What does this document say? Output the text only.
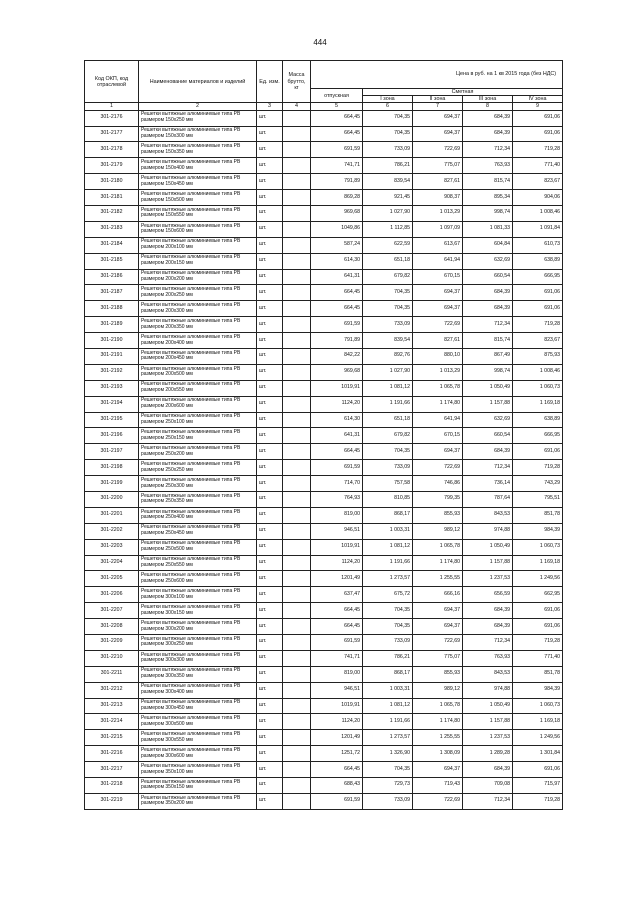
444
Код ОКП, код отраслевой	Наименование материалов и изделий	Ед. изм.	Масса брутто, кг	Цена в руб. на 1 кв 2015 года (без НДС)				
				отпускная	Сметная			
					I зона	II зона	III зона	IV зона
1	2	3	4	5	6	7	8	9
301-2176	Решетки вытяжные алюминиевые типа РВ размером 150х250 мм	шт.		664,45	704,35	694,37	684,39	691,06
301-2177	Решетки вытяжные алюминиевые типа РВ размером 150х300 мм	шт.		664,45	704,35	694,37	684,39	691,06
301-2178	Решетки вытяжные алюминиевые типа РВ размером 150х350 мм	шт.		691,59	733,09	722,69	712,34	719,28
301-2179	Решетки вытяжные алюминиевые типа РВ размером 150х400 мм	шт.		741,71	786,21	775,07	763,93	771,40
301-2180	Решетки вытяжные алюминиевые типа РВ размером 150х450 мм	шт.		791,89	839,54	827,61	815,74	823,67
301-2181	Решетки вытяжные алюминиевые типа РВ размером 150х500 мм	шт.		869,28	921,45	908,37	895,34	904,06
301-2182	Решетки вытяжные алюминиевые типа РВ размером 150х550 мм	шт.		969,68	1 027,90	1 013,29	998,74	1 008,46
301-2183	Решетки вытяжные алюминиевые типа РВ размером 150х600 мм	шт.		1049,86	1 112,85	1 097,09	1 081,33	1 091,84
301-2184	Решетки вытяжные алюминиевые типа РВ размером 200х100 мм	шт.		587,24	622,59	613,67	604,84	610,73
301-2185	Решетки вытяжные алюминиевые типа РВ размером 200х150 мм	шт.		614,30	651,18	641,94	632,69	638,89
301-2186	Решетки вытяжные алюминиевые типа РВ размером 200х200 мм	шт.		641,31	679,82	670,15	660,54	666,95
301-2187	Решетки вытяжные алюминиевые типа РВ размером 200х250 мм	шт.		664,45	704,35	694,37	684,39	691,06
301-2188	Решетки вытяжные алюминиевые типа РВ размером 200х300 мм	шт.		664,45	704,35	694,37	684,39	691,06
301-2189	Решетки вытяжные алюминиевые типа РВ размером 200х350 мм	шт.		691,59	733,09	722,69	712,34	719,28
301-2190	Решетки вытяжные алюминиевые типа РВ размером 200х400 мм	шт.		791,89	839,54	827,61	815,74	823,67
301-2191	Решетки вытяжные алюминиевые типа РВ размером 200х450 мм	шт.		842,22	892,76	880,10	867,49	875,93
301-2192	Решетки вытяжные алюминиевые типа РВ размером 200х500 мм	шт.		969,68	1 027,90	1 013,29	998,74	1 008,46
301-2193	Решетки вытяжные алюминиевые типа РВ размером 200х550 мм	шт.		1019,91	1 081,12	1 065,78	1 050,49	1 060,73
301-2194	Решетки вытяжные алюминиевые типа РВ размером 200х600 мм	шт.		1124,20	1 191,66	1 174,80	1 157,88	1 169,18
301-2195	Решетки вытяжные алюминиевые типа РВ размером 250х100 мм	шт.		614,30	651,18	641,94	632,69	638,89
301-2196	Решетки вытяжные алюминиевые типа РВ размером 250х150 мм	шт.		641,31	679,82	670,15	660,54	666,95
301-2197	Решетки вытяжные алюминиевые типа РВ размером 250х200 мм	шт.		664,45	704,35	694,37	684,39	691,06
301-2198	Решетки вытяжные алюминиевые типа РВ размером 250х250 мм	шт.		691,59	733,09	722,69	712,34	719,28
301-2199	Решетки вытяжные алюминиевые типа РВ размером 250х300 мм	шт.		714,70	757,58	746,86	736,14	743,29
301-2200	Решетки вытяжные алюминиевые типа РВ размером 250х350 мм	шт.		764,93	810,85	799,35	787,64	795,51
301-2201	Решетки вытяжные алюминиевые типа РВ размером 250х400 мм	шт.		819,00	868,17	855,93	843,53	851,78
301-2202	Решетки вытяжные алюминиевые типа РВ размером 250х450 мм	шт.		946,51	1 003,31	989,12	974,88	984,39
301-2203	Решетки вытяжные алюминиевые типа РВ размером 250х500 мм	шт.		1019,91	1 081,12	1 065,78	1 050,49	1 060,73
301-2204	Решетки вытяжные алюминиевые типа РВ размером 250х550 мм	шт.		1124,20	1 191,66	1 174,80	1 157,88	1 169,18
301-2205	Решетки вытяжные алюминиевые типа РВ размером 250х600 мм	шт.		1201,49	1 273,57	1 255,55	1 237,53	1 249,56
301-2206	Решетки вытяжные алюминиевые типа РВ размером 300х100 мм	шт.		637,47	675,72	666,16	656,59	662,95
301-2207	Решетки вытяжные алюминиевые типа РВ размером 300х150 мм	шт.		664,45	704,35	694,37	684,39	691,06
301-2208	Решетки вытяжные алюминиевые типа РВ размером 300х200 мм	шт.		664,45	704,35	694,37	684,39	691,06
301-2209	Решетки вытяжные алюминиевые типа РВ размером 300х250 мм	шт.		691,59	733,09	722,69	712,34	719,28
301-2210	Решетки вытяжные алюминиевые типа РВ размером 300х300 мм	шт.		741,71	786,21	775,07	763,93	771,40
301-2211	Решетки вытяжные алюминиевые типа РВ размером 300х350 мм	шт.		819,00	868,17	855,93	843,53	851,78
301-2212	Решетки вытяжные алюминиевые типа РВ размером 300х400 мм	шт.		946,51	1 003,31	989,12	974,88	984,39
301-2213	Решетки вытяжные алюминиевые типа РВ размером 300х450 мм	шт.		1019,91	1 081,12	1 065,78	1 050,49	1 060,73
301-2214	Решетки вытяжные алюминиевые типа РВ размером 300х500 мм	шт.		1124,20	1 191,66	1 174,80	1 157,88	1 169,18
301-2215	Решетки вытяжные алюминиевые типа РВ размером 300х550 мм	шт.		1201,49	1 273,57	1 255,55	1 237,53	1 249,56
301-2216	Решетки вытяжные алюминиевые типа РВ размером 300х600 мм	шт.		1251,72	1 326,90	1 308,09	1 289,28	1 301,84
301-2217	Решетки вытяжные алюминиевые типа РВ размером 350х100 мм	шт.		664,45	704,35	694,37	684,39	691,06
301-2218	Решетки вытяжные алюминиевые типа РВ размером 350х150 мм	шт.		688,43	729,73	719,43	709,08	715,97
301-2219	Решетки вытяжные алюминиевые типа РВ размером 350х200 мм	шт.		691,59	733,09	722,69	712,34	719,28
